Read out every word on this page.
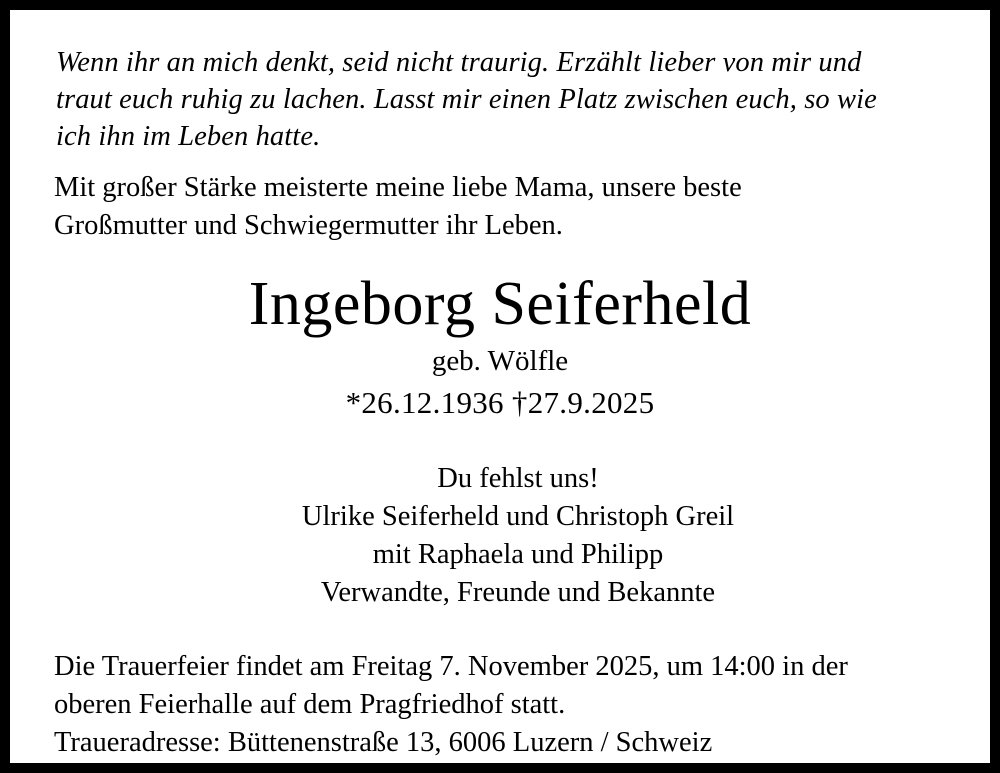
Wenn ihr an mich denkt, seid nicht traurig. Erzählt lieber von mir und
traut euch ruhig zu lachen. Lasst mir einen Platz zwischen euch, so wie
ich ihn im Leben hatte.
Mit großer Stärke meisterte meine liebe Mama, unsere beste
Großmutter und Schwiegermutter ihr Leben.
Ingeborg Seiferheld
geb. Wölfle
*26.12.1936 †27.9.2025
Du fehlst uns!
Ulrike Seiferheld und Christoph Greil
mit Raphaela und Philipp
Verwandte, Freunde und Bekannte
Die Trauerfeier findet am Freitag 7. November 2025, um 14:00 in der
oberen Feierhalle auf dem Pragfriedhof statt.
Traueradresse: Büttenenstraße 13, 6006 Luzern / Schweiz
